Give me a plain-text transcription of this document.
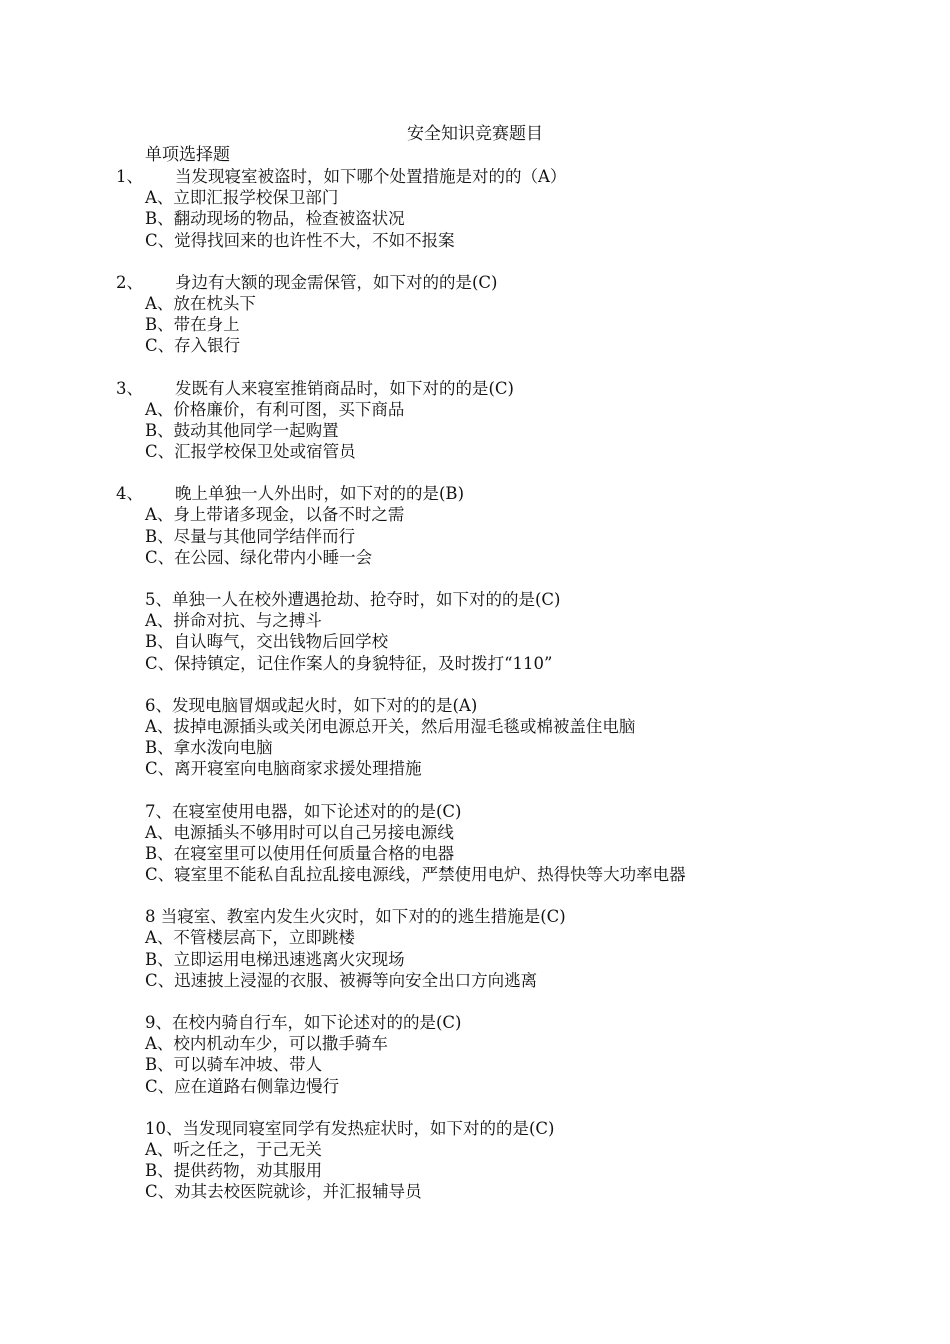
安全知识竞赛题目
单项选择题
1、 当发现寝室被盗时，如下哪个处置措施是对的的（A）
A、立即汇报学校保卫部门
B、翻动现场的物品，检查被盗状况
C、觉得找回来的也许性不大，不如不报案
2、 身边有大额的现金需保管，如下对的的是(C)
A、放在枕头下
B、带在身上
C、存入银行
3、 发既有人来寝室推销商品时，如下对的的是(C)
A、价格廉价，有利可图，买下商品
B、鼓动其他同学一起购置
C、汇报学校保卫处或宿管员
4、 晚上单独一人外出时，如下对的的是(B)
A、身上带诸多现金，以备不时之需
B、尽量与其他同学结伴而行
C、在公园、绿化带内小睡一会
5、单独一人在校外遭遇抢劫、抢夺时，如下对的的是(C)
A、拼命对抗、与之搏斗
B、自认晦气，交出钱物后回学校
C、保持镇定，记住作案人的身貌特征，及时拨打“110”
6、发现电脑冒烟或起火时，如下对的的是(A)
A、拔掉电源插头或关闭电源总开关，然后用湿毛毯或棉被盖住电脑
B、拿水泼向电脑
C、离开寝室向电脑商家求援处理措施
7、在寝室使用电器，如下论述对的的是(C)
A、电源插头不够用时可以自己另接电源线
B、在寝室里可以使用任何质量合格的电器
C、寝室里不能私自乱拉乱接电源线，严禁使用电炉、热得快等大功率电器
8 当寝室、教室内发生火灾时，如下对的的逃生措施是(C)
A、不管楼层高下，立即跳楼
B、立即运用电梯迅速逃离火灾现场
C、迅速披上浸湿的衣服、被褥等向安全出口方向逃离
9、在校内骑自行车，如下论述对的的是(C)
A、校内机动车少，可以撒手骑车
B、可以骑车冲坡、带人
C、应在道路右侧靠边慢行
10、当发现同寝室同学有发热症状时，如下对的的是(C)
A、听之任之，于己无关
B、提供药物，劝其服用
C、劝其去校医院就诊，并汇报辅导员
